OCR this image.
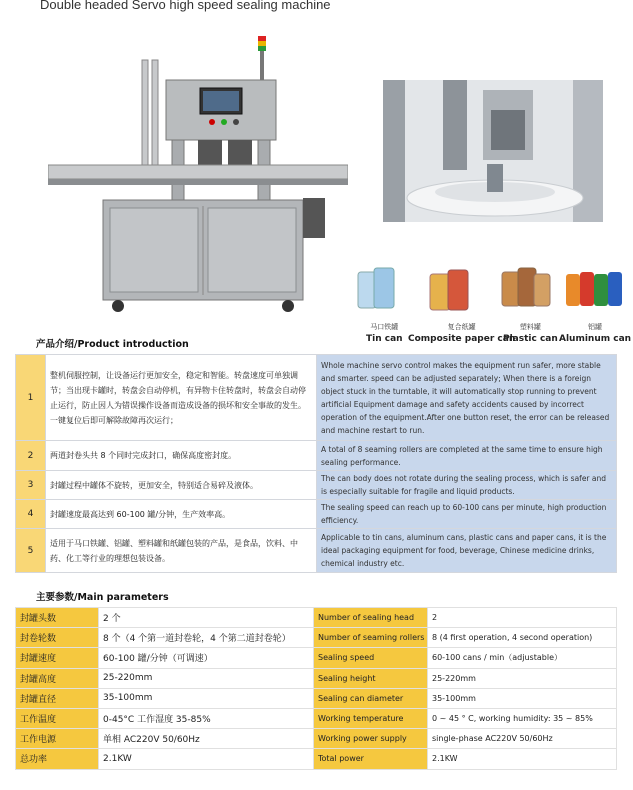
Double headed Servo high speed sealing machine
马口铁罐
Tin can
复合纸罐
Composite paper can
塑料罐
Plastic can
铝罐
Aluminum can
产品介绍/Product introduction
1	整机伺服控制，让设备运行更加安全，稳定和智能。转盘速度可单独调节；当出现卡罐时，转盘会自动停机，有异物卡住转盘时，转盘会自动停止运行，防止因人为错误操作设备而造成设备的损坏和安全事故的发生。一键复位后即可解除故障再次运行；	Whole machine servo control makes the equipment run safer, more stable and smarter. speed can be adjusted separately; When there is a foreign object stuck in the turntable, it will automatically stop running to prevent artificial Equipment damage and safety accidents caused by incorrect operation of the equipment.After one button reset, the error can be released and machine restart to run.
2	两道封卷头共 8 个同时完成封口，确保高度密封度。	A total of 8 seaming rollers are completed at the same time to ensure high sealing performance.
3	封罐过程中罐体不旋转，更加安全，特别适合易碎及液体。	The can body does not rotate during the sealing process, which is safer and is especially suitable for fragile and liquid products.
4	封罐速度最高达到 60-100 罐/分钟，生产效率高。	The sealing speed can reach up to 60-100 cans per minute, high production efficiency.
5	适用于马口铁罐、铝罐、塑料罐和纸罐包装的产品，是食品，饮料、中药、化工等行业的理想包装设备。	Applicable to tin cans, aluminum cans, plastic cans and paper cans, it is the ideal packaging equipment for food, beverage, Chinese medicine drinks, chemical industry etc.
主要参数/Main parameters
封罐头数	2 个	Number of sealing head	2
封卷轮数	8 个（4 个第一道封卷轮，4 个第二道封卷轮）	Number of seaming rollers	8 (4 first operation, 4 second operation)
封罐速度	60-100 罐/分钟（可调速）	Sealing speed	60-100 cans / min（adjustable）
封罐高度	25-220mm	Sealing height	25-220mm
封罐直径	35-100mm	Sealing can diameter	35-100mm
工作温度	0-45°C 工作湿度 35-85%	Working temperature	0 ~ 45 ° C, working humidity: 35 ~ 85%
工作电源	单相 AC220V 50/60Hz	Working power supply	single-phase AC220V 50/60Hz
总功率	2.1KW	Total power	2.1KW
